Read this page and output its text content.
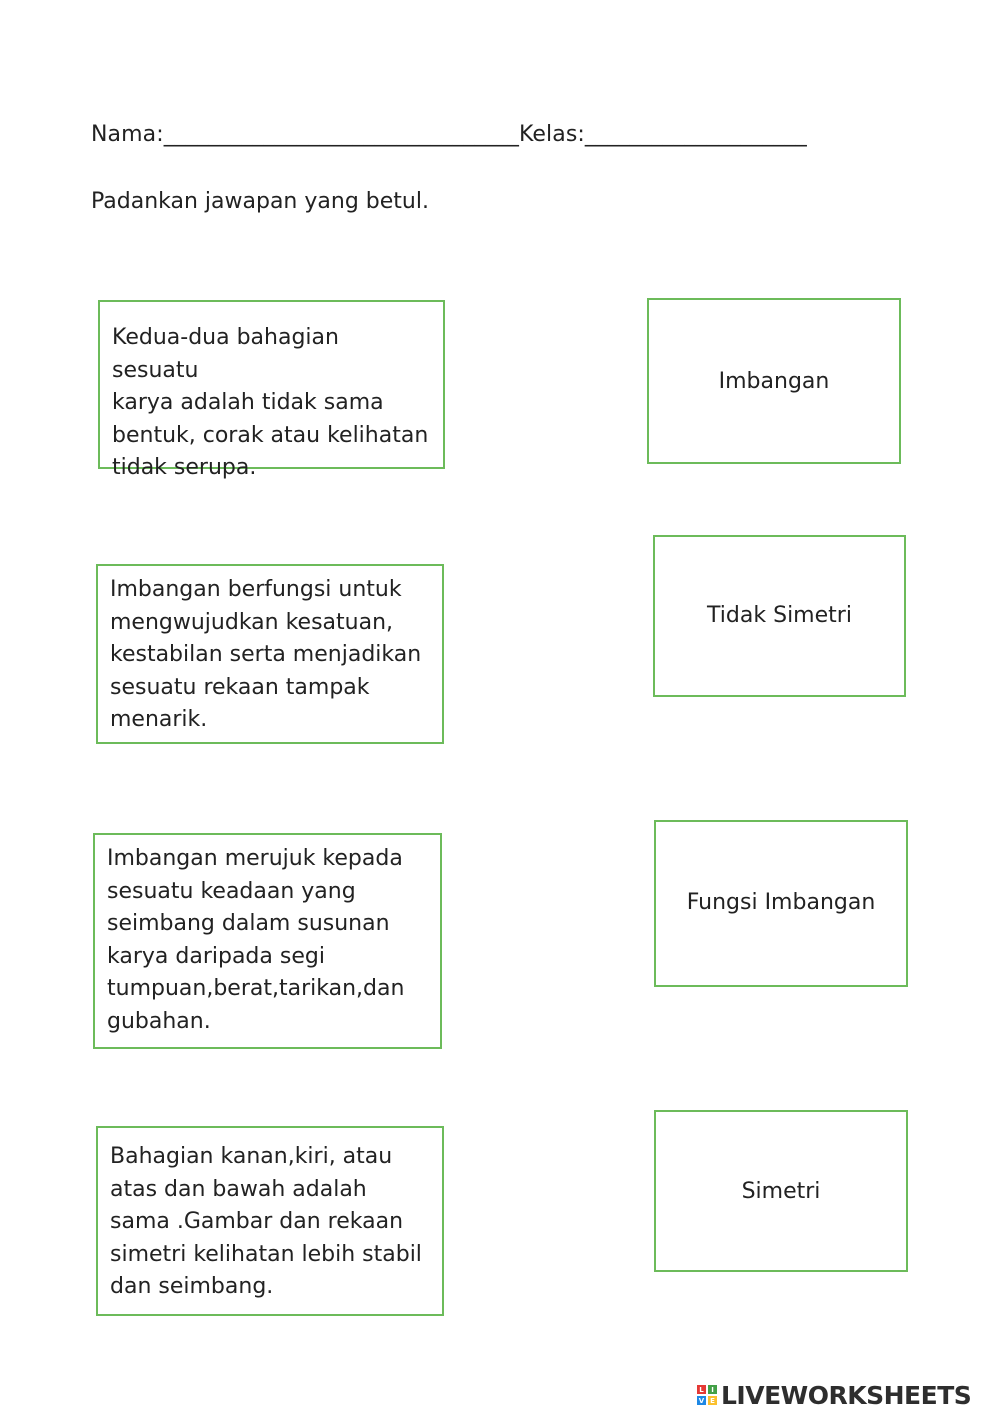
Nama:________________________________Kelas:____________________
Padankan jawapan yang betul.
Kedua-dua bahagian sesuatu
karya adalah tidak sama
bentuk, corak atau kelihatan
tidak serupa.
Imbangan berfungsi untuk
mengwujudkan kesatuan,
kestabilan serta menjadikan
sesuatu rekaan tampak
menarik.
Imbangan merujuk kepada
sesuatu keadaan yang
seimbang dalam susunan
karya daripada segi
tumpuan,berat,tarikan,dan
gubahan.
Bahagian kanan,kiri, atau
atas dan bawah adalah
sama .Gambar dan rekaan
simetri kelihatan lebih stabil
dan seimbang.
Imbangan
Tidak Simetri
Fungsi Imbangan
Simetri
L	I
V E LIVEWORKSHEETS
